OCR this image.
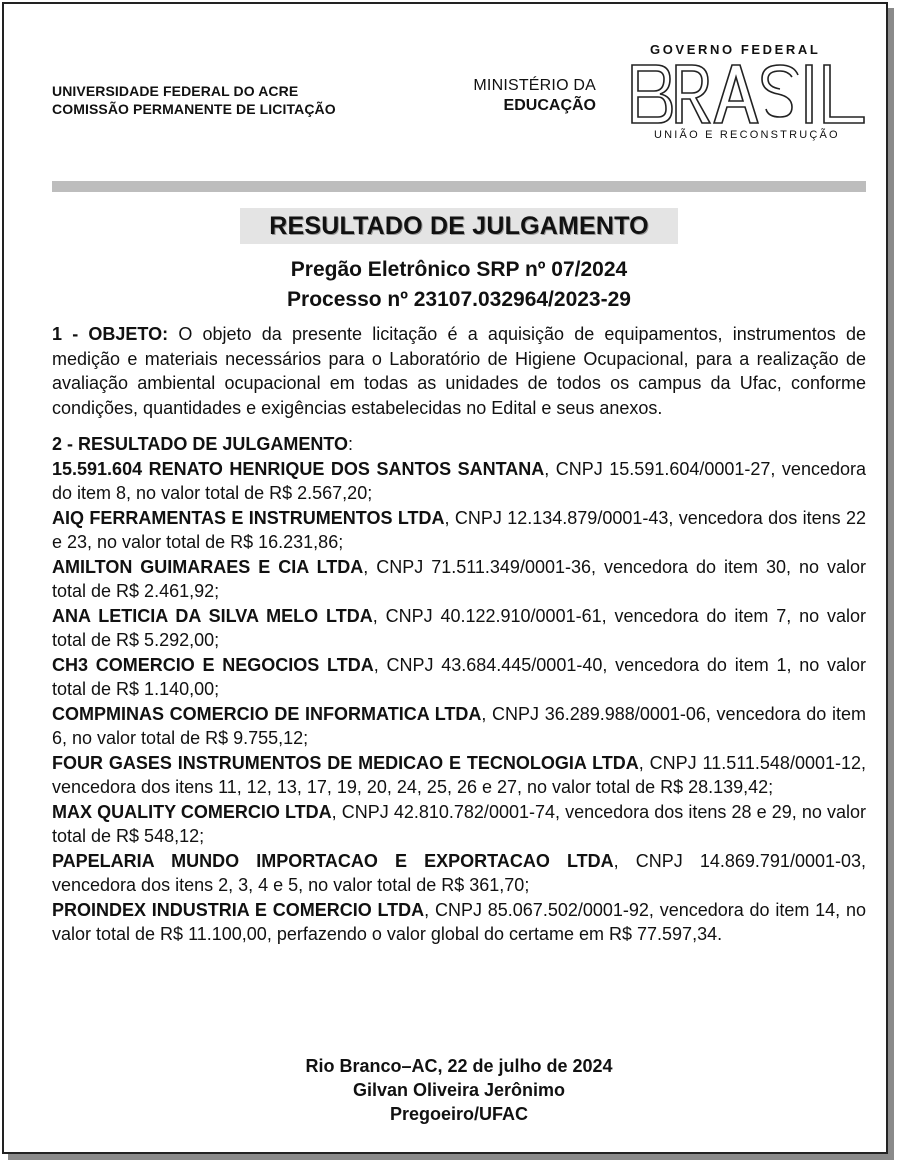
UNIVERSIDADE FEDERAL DO ACRE
COMISSÃO PERMANENTE DE LICITAÇÃO
MINISTÉRIO DA
EDUCAÇÃO
GOVERNO FEDERAL
UNIÃO E RECONSTRUÇÃO
RESULTADO DE JULGAMENTO
Pregão Eletrônico SRP nº 07/2024
Processo nº 23107.032964/2023-29

1 - OBJETO: O objeto da presente licitação é a aquisição de equipamentos, instrumentos de medição e materiais necessários para o Laboratório de Higiene Ocupacional, para a realização de avaliação ambiental ocupacional em todas as unidades de todos os campus da Ufac, conforme condições, quantidades e exigências estabelecidas no Edital e seus anexos.

2 - RESULTADO DE JULGAMENTO:

15.591.604 RENATO HENRIQUE DOS SANTOS SANTANA, CNPJ 15.591.604/0001-27, vencedora do item 8, no valor total de R$ 2.567,20;

AIQ FERRAMENTAS E INSTRUMENTOS LTDA, CNPJ 12.134.879/0001-43, vencedora dos itens 22 e 23, no valor total de R$ 16.231,86;

AMILTON GUIMARAES E CIA LTDA, CNPJ 71.511.349/0001-36, vencedora do item 30, no valor total de R$ 2.461,92;

ANA LETICIA DA SILVA MELO LTDA, CNPJ 40.122.910/0001-61, vencedora do item 7, no valor total de R$ 5.292,00;

CH3 COMERCIO E NEGOCIOS LTDA, CNPJ 43.684.445/0001-40, vencedora do item 1, no valor total de R$ 1.140,00;

COMPMINAS COMERCIO DE INFORMATICA LTDA, CNPJ 36.289.988/0001-06, vencedora do item 6, no valor total de R$ 9.755,12;

FOUR GASES INSTRUMENTOS DE MEDICAO E TECNOLOGIA LTDA, CNPJ 11.511.548/0001-12, vencedora dos itens 11, 12, 13, 17, 19, 20, 24, 25, 26 e 27, no valor total de R$ 28.139,42;

MAX QUALITY COMERCIO LTDA, CNPJ 42.810.782/0001-74, vencedora dos itens 28 e 29, no valor total de R$ 548,12;

PAPELARIA MUNDO IMPORTACAO E EXPORTACAO LTDA, CNPJ 14.869.791/0001-03, vencedora dos itens 2, 3, 4 e 5, no valor total de R$ 361,70;

PROINDEX INDUSTRIA E COMERCIO LTDA, CNPJ 85.067.502/0001-92, vencedora do item 14, no valor total de R$ 11.100,00, perfazendo o valor global do certame em R$ 77.597,34.

Rio Branco–AC, 22 de julho de 2024
Gilvan Oliveira Jerônimo
Pregoeiro/UFAC
